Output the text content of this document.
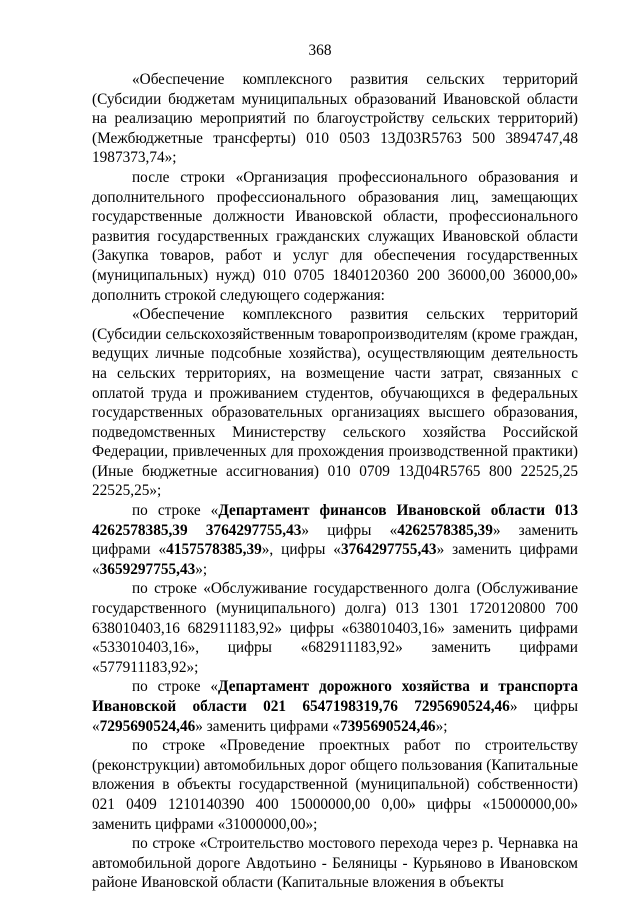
368

«Обеспечение комплексного развития сельских территорий (Субсидии бюджетам муниципальных образований Ивановской области на реализацию мероприятий по благоустройству сельских территорий) (Межбюджетные трансферты) 010 0503 13Д03R5763 500 3894747,48 1987373,74»;

после строки «Организация профессионального образования и дополнительного профессионального образования лиц, замещающих государственные должности Ивановской области, профессионального развития государственных гражданских служащих Ивановской области (Закупка товаров, работ и услуг для обеспечения государственных (муниципальных) нужд) 010 0705 1840120360 200 36000,00 36000,00» дополнить строкой следующего содержания:

«Обеспечение комплексного развития сельских территорий (Субсидии сельскохозяйственным товаропроизводителям (кроме граждан, ведущих личные подсобные хозяйства), осуществляющим деятельность на сельских территориях, на возмещение части затрат, связанных с оплатой труда и проживанием студентов, обучающихся в федеральных государственных образовательных организациях высшего образования, подведомственных Министерству сельского хозяйства Российской Федерации, привлеченных для прохождения производственной практики) (Иные бюджетные ассигнования) 010 0709 13Д04R5765 800 22525,25 22525,25»;

по строке «Департамент финансов Ивановской области 013 4262578385,39 3764297755,43» цифры «4262578385,39» заменить цифрами «4157578385,39», цифры «3764297755,43» заменить цифрами «3659297755,43»;

по строке «Обслуживание государственного долга (Обслуживание государственного (муниципального) долга) 013 1301 1720120800 700 638010403,16 682911183,92» цифры «638010403,16» заменить цифрами «533010403,16», цифры «682911183,92» заменить цифрами «577911183,92»;

по строке «Департамент дорожного хозяйства и транспорта Ивановской области 021 6547198319,76 7295690524,46» цифры «7295690524,46» заменить цифрами «7395690524,46»;

по строке «Проведение проектных работ по строительству (реконструкции) автомобильных дорог общего пользования (Капитальные вложения в объекты государственной (муниципальной) собственности) 021 0409 1210140390 400 15000000,00 0,00» цифры «15000000,00» заменить цифрами «31000000,00»;

по строке «Строительство мостового перехода через р. Чернавка на автомобильной дороге Авдотьино - Беляницы - Курьяново в Ивановском районе Ивановской области (Капитальные вложения в объекты
